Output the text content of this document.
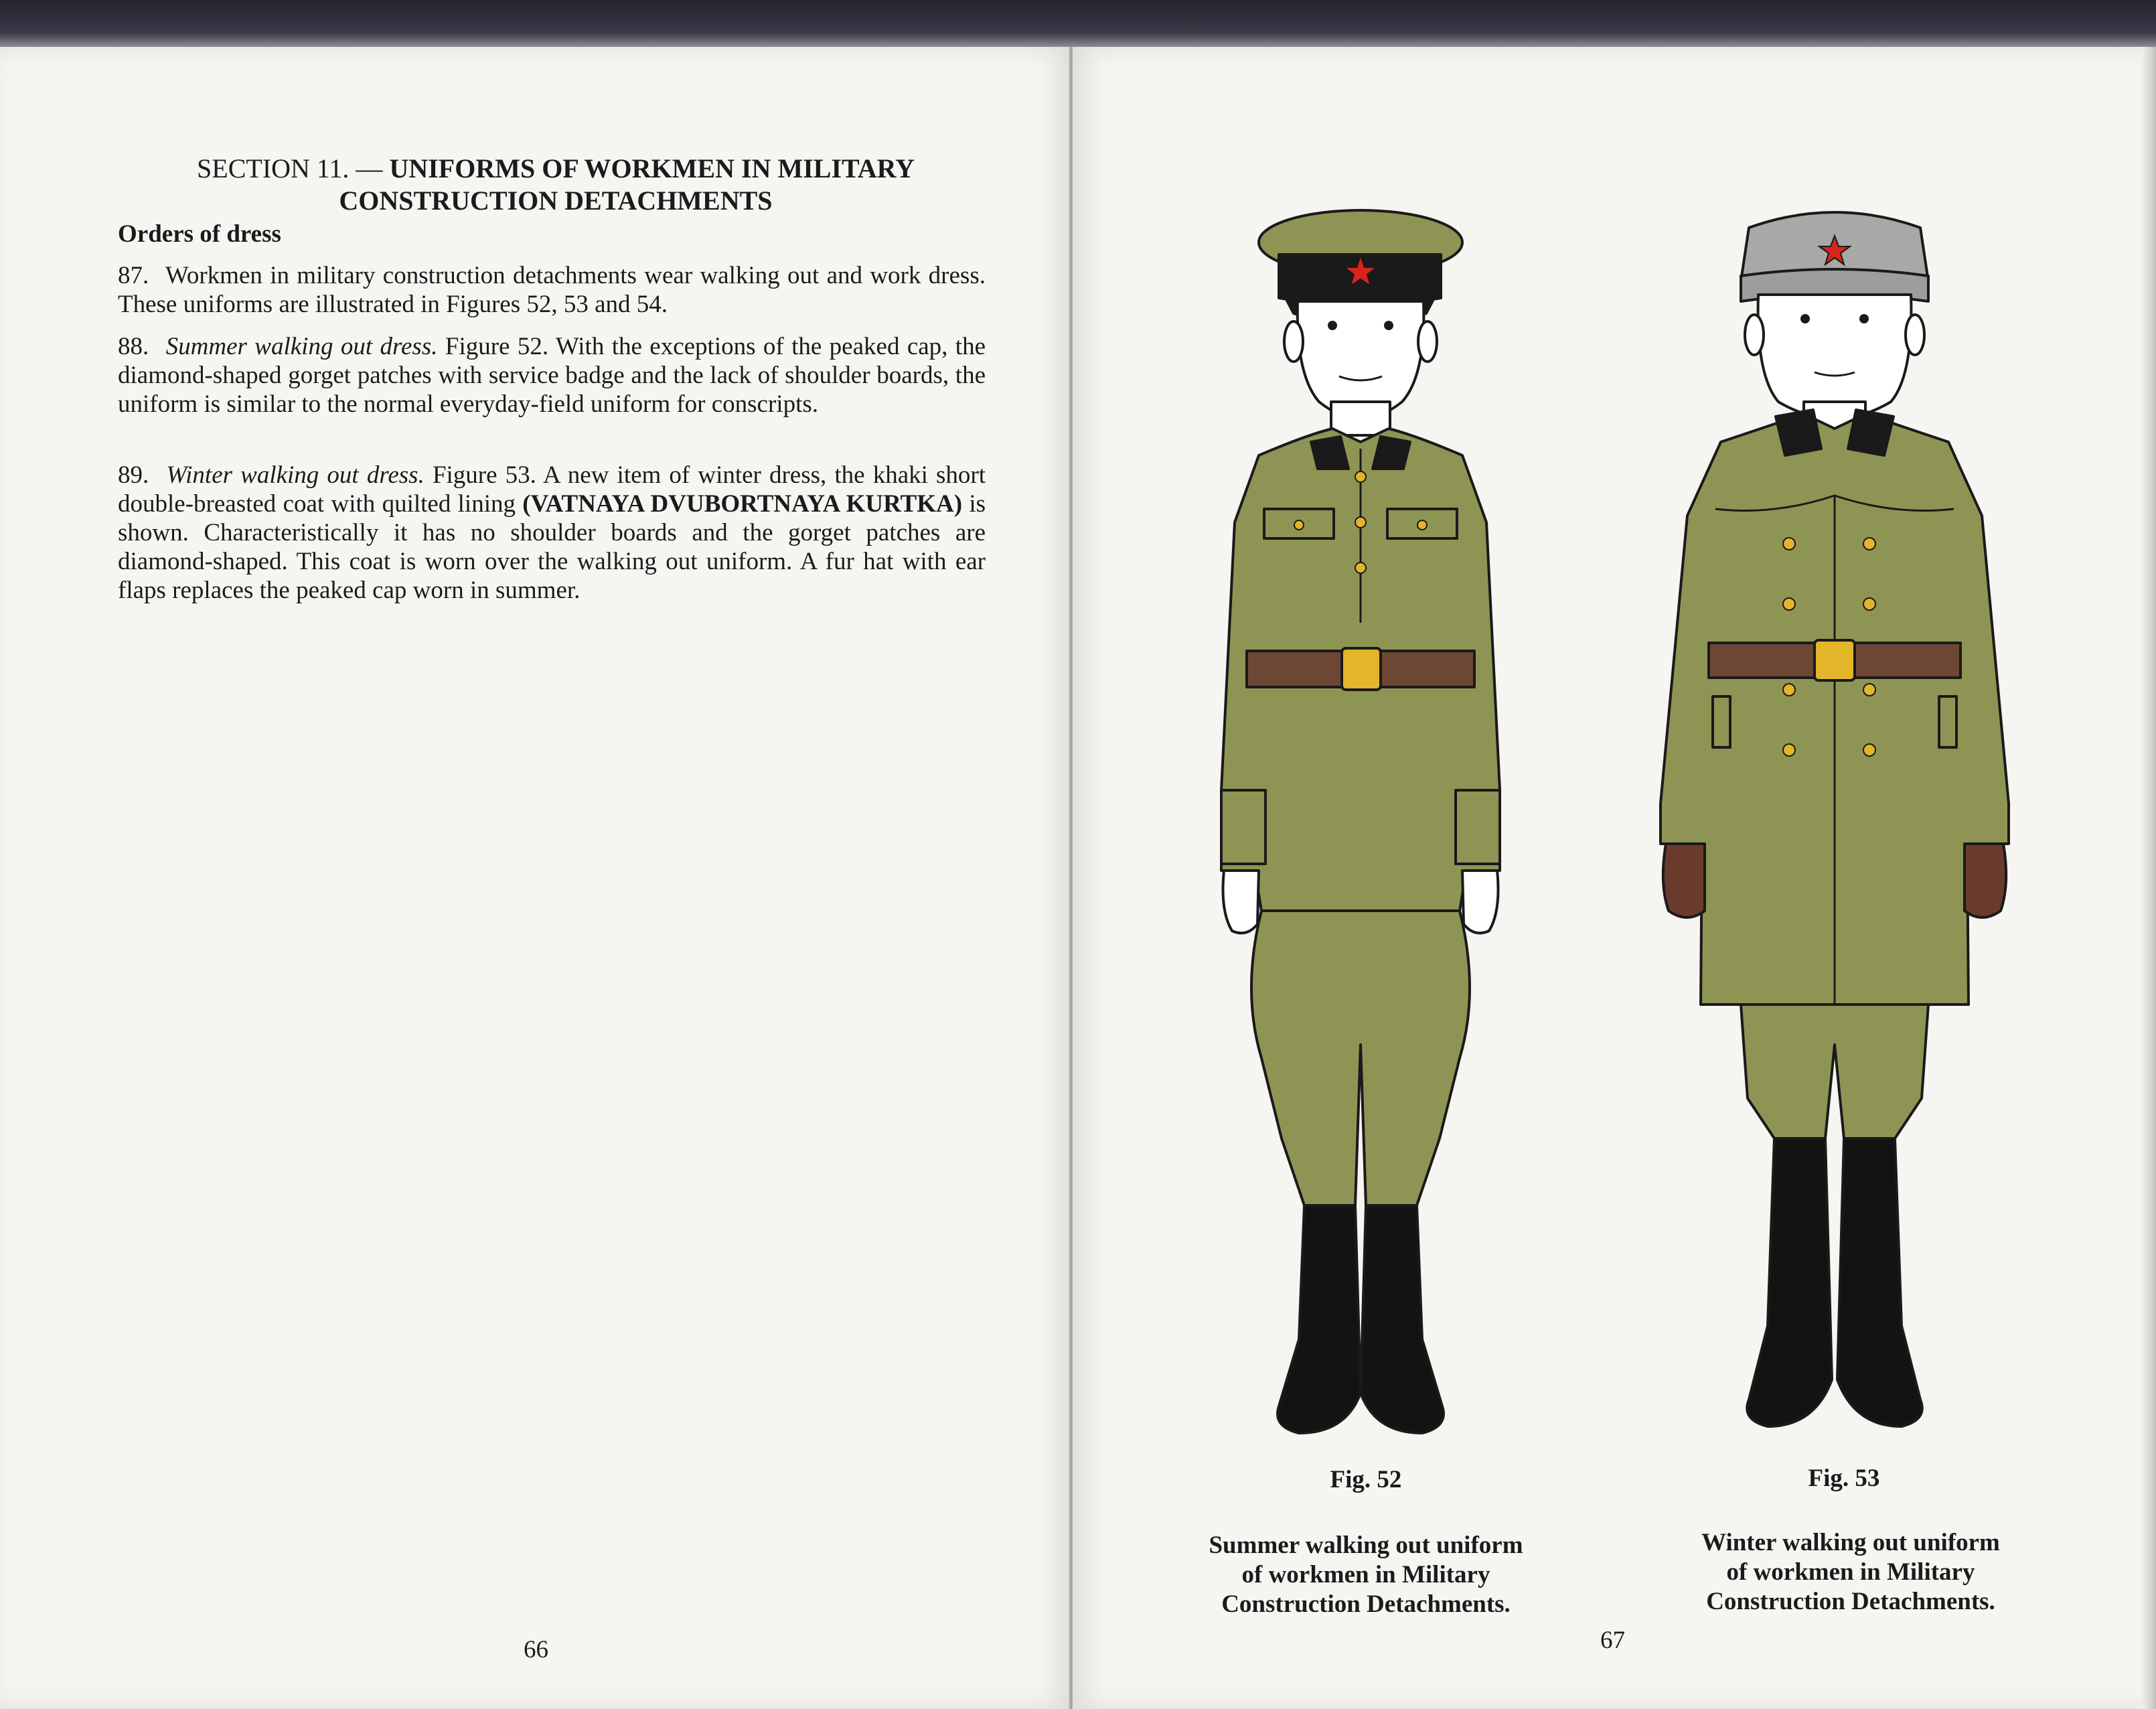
SECTION 11. — UNIFORMS OF WORKMEN IN MILITARY
CONSTRUCTION DETACHMENTS
Orders of dress

87. Workmen in military construction detachments wear walking out and work dress. These uniforms are illustrated in Figures 52, 53 and 54.

88. Summer walking out dress. Figure 52. With the exceptions of the peaked cap, the diamond-shaped gorget patches with service badge and the lack of shoulder boards, the uniform is similar to the normal everyday-field uniform for conscripts.

89. Winter walking out dress. Figure 53. A new item of winter dress, the khaki short double-breasted coat with quilted lining (VATNAYA DVUBORTNAYA KURTKA) is shown. Characteristically it has no shoulder boards and the gorget patches are diamond-shaped. This coat is worn over the walking out uniform. A fur hat with ear flaps replaces the peaked cap worn in summer.

66
Fig. 52
Summer walking out uniform
of workmen in Military
Construction Detachments.
Fig. 53
Winter walking out uniform
of workmen in Military
Construction Detachments.
67
